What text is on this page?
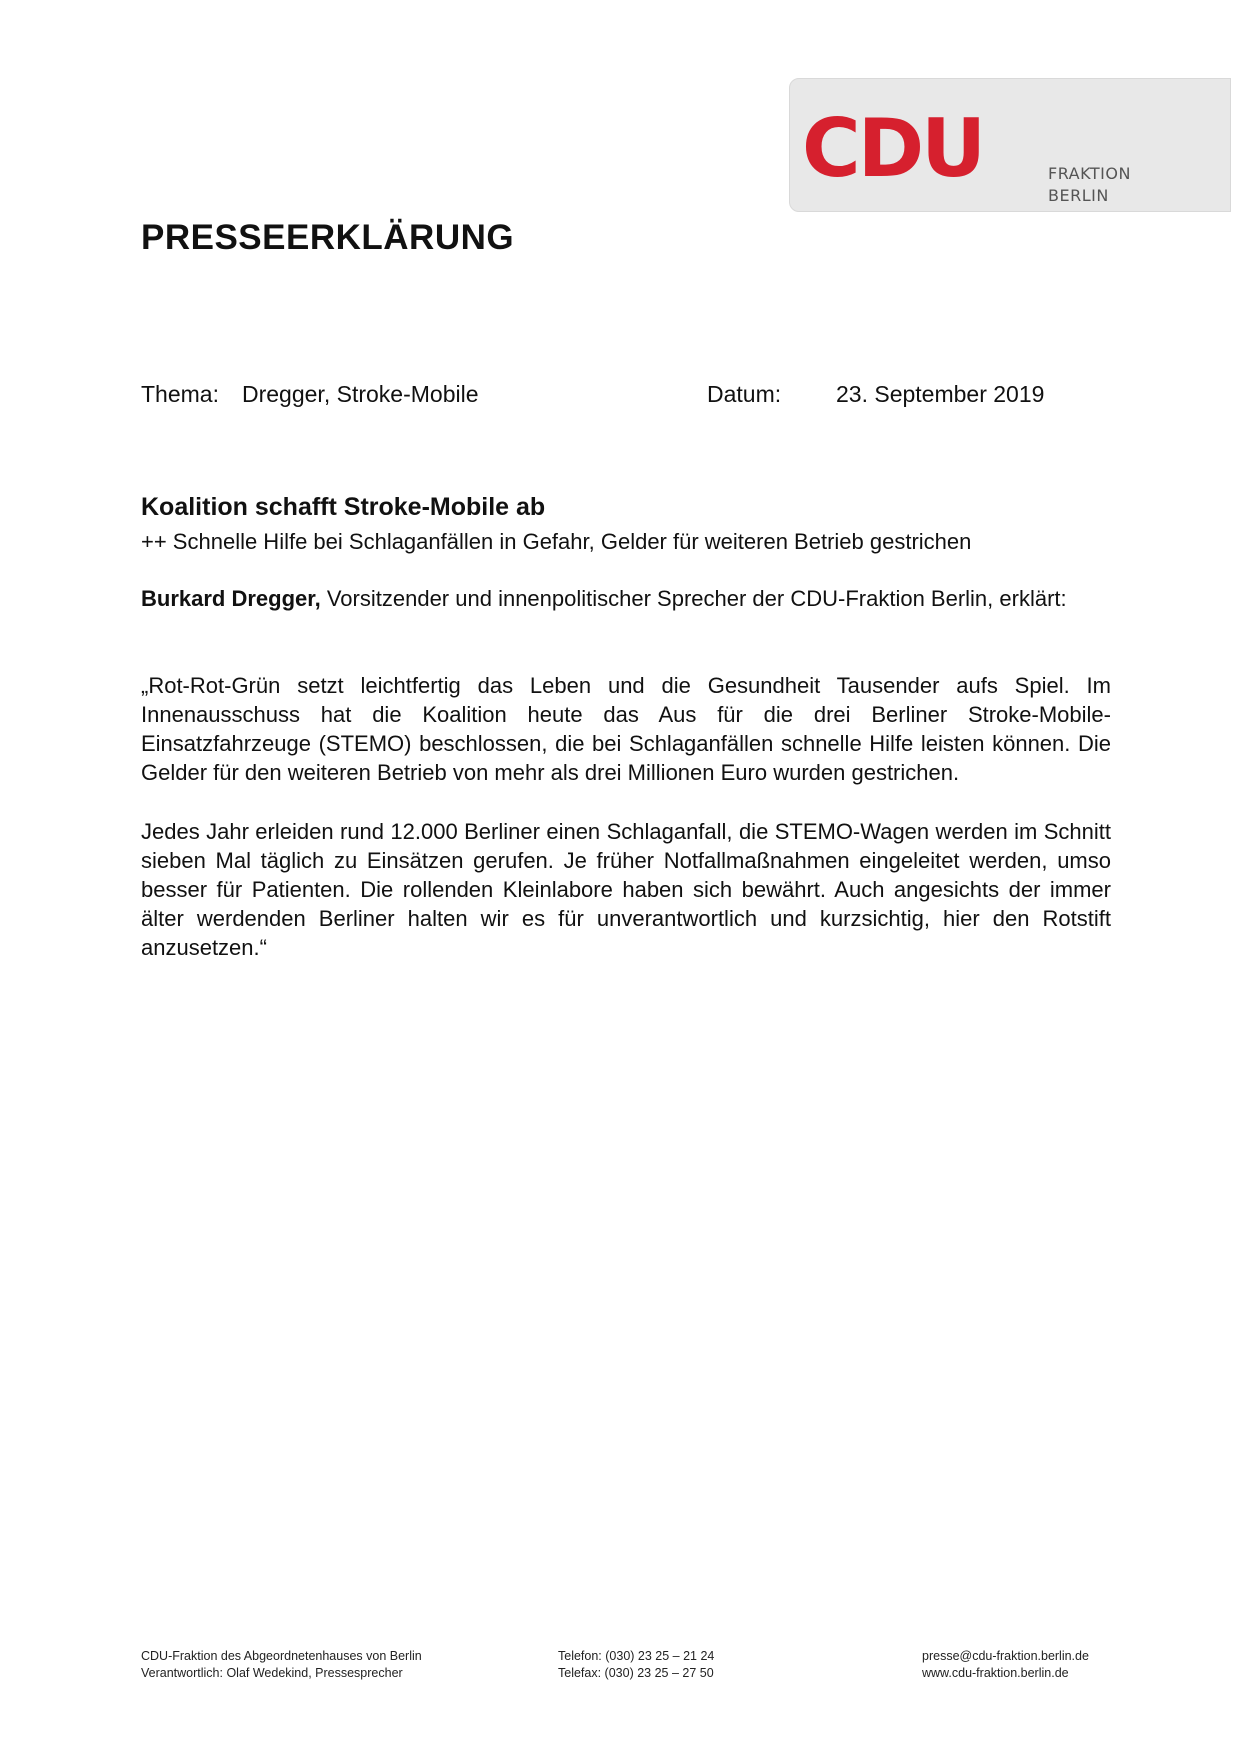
CDU	FRAKTION
BERLIN
PRESSEERKLÄRUNG
Thema: Dregger, Stroke-Mobile	Datum: 23. September 2019
Koalition schafft Stroke-Mobile ab
++ Schnelle Hilfe bei Schlaganfällen in Gefahr, Gelder für weiteren Betrieb gestrichen
Burkard Dregger, Vorsitzender und innenpolitischer Sprecher der CDU-Fraktion Berlin, erklärt:
„Rot-Rot-Grün setzt leichtfertig das Leben und die Gesundheit Tausender aufs Spiel. Im Innenausschuss hat die Koalition heute das Aus für die drei Berliner Stroke-Mobile-Einsatzfahrzeuge (STEMO) beschlossen, die bei Schlaganfällen schnelle Hilfe leisten können. Die Gelder für den weiteren Betrieb von mehr als drei Millionen Euro wurden gestrichen.
Jedes Jahr erleiden rund 12.000 Berliner einen Schlaganfall, die STEMO-Wagen werden im Schnitt sieben Mal täglich zu Einsätzen gerufen. Je früher Notfallmaßnahmen eingeleitet werden, umso besser für Patienten. Die rollenden Kleinlabore haben sich bewährt. Auch angesichts der immer älter werdenden Berliner halten wir es für unverantwortlich und kurzsichtig, hier den Rotstift anzusetzen.“
CDU-Fraktion des Abgeordnetenhauses von Berlin
Verantwortlich: Olaf Wedekind, Pressesprecher
Telefon: (030) 23 25 – 21 24
Telefax: (030) 23 25 – 27 50
presse@cdu-fraktion.berlin.de
www.cdu-fraktion.berlin.de
